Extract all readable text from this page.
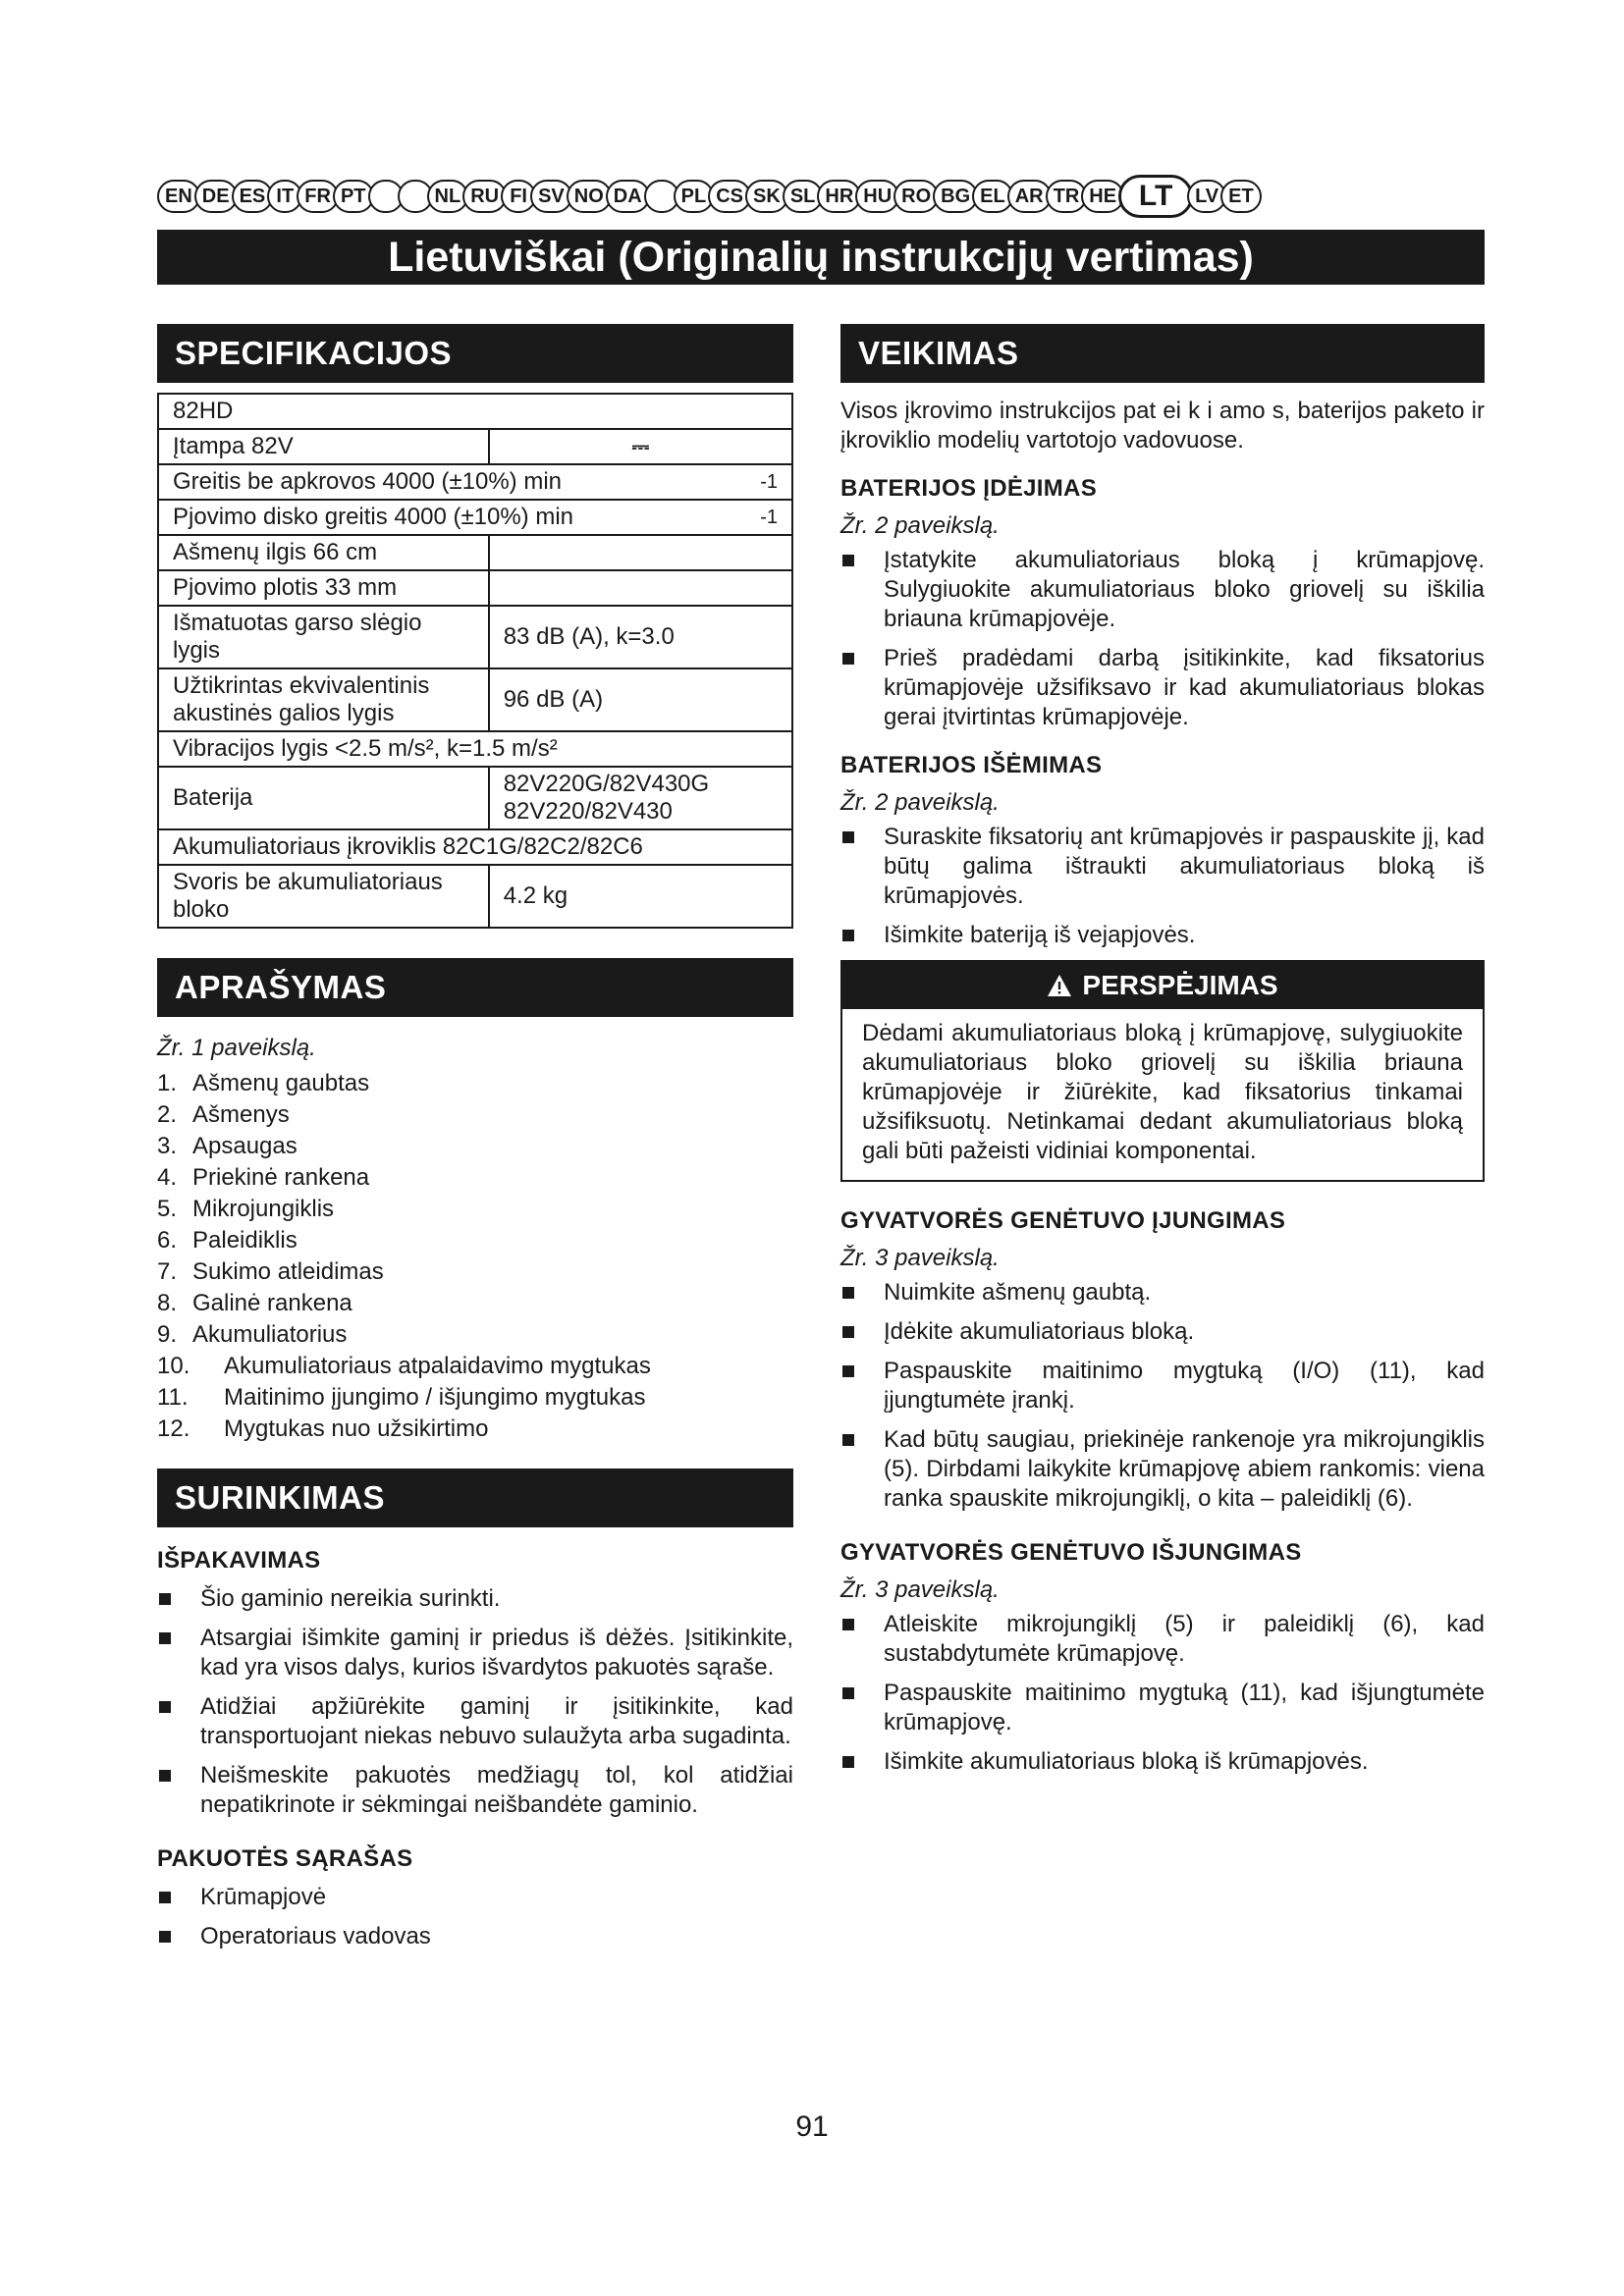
EN DE ES IT FR PT	NL RU FI SV NO DA	PL CS SK SL HR HU RO BG EL AR TR HE LT	LV ET
Lietuviškai (Originalių instrukcijų vertimas)
SPECIFIKACIJOS
82HD	
Įtampa 82V	⎓

Greitis be apkrovos 4000 (±10%) min -1	

Pjovimo disko greitis 4000 (±10%) min -1	

Ašmenų ilgis 66 cm	
Pjovimo plotis 33 mm	
Išmatuotas garso slėgio lygis	83 dB (A), k=3.0
Užtikrintas ekvivalentinis akustinės galios lygis	96 dB (A)
Vibracijos lygis <2.5 m/s², k=1.5 m/s²	
Baterija	82V220G/82V430G 82V220/82V430
Akumuliatoriaus įkroviklis 82C1G/82C2/82C6	
Svoris be akumuliatoriaus bloko	4.2 kg
APRAŠYMAS
Žr. 1 paveikslą.
1. Ašmenų gaubtas
2. Ašmenys
3. Apsaugas
4. Priekinė rankena
5. Mikrojungiklis
6. Paleidiklis
7. Sukimo atleidimas
8. Galinė rankena
9. Akumuliatorius
10. Akumuliatoriaus atpalaidavimo mygtukas
11. Maitinimo įjungimo / išjungimo mygtukas
12. Mygtukas nuo užsikirtimo
SURINKIMAS
IŠPAKAVIMAS
Šio gaminio nereikia surinkti.
Atsargiai išimkite gaminį ir priedus iš dėžės. Įsitikinkite, kad yra visos dalys, kurios išvardytos pakuotės sąraše.
Atidžiai apžiūrėkite gaminį ir įsitikinkite, kad transportuojant niekas nebuvo sulaužyta arba sugadinta.
Neišmeskite pakuotės medžiagų tol, kol atidžiai nepatikrinote ir sėkmingai neišbandėte gaminio.
PAKUOTĖS SĄRAŠAS
Krūmapjovė
Operatoriaus vadovas
VEIKIMAS
Visos įkrovimo instrukcijos pat ei k i amo s, baterijos paketo ir įkroviklio modelių vartotojo vadovuose.
BATERIJOS ĮDĖJIMAS
Žr. 2 paveikslą.
Įstatykite akumuliatoriaus bloką į krūmapjovę. Sulygiuokite akumuliatoriaus bloko griovelį su iškilia briauna krūmapjovėje.
Prieš pradėdami darbą įsitikinkite, kad fiksatorius krūmapjovėje užsifiksavo ir kad akumuliatoriaus blokas gerai įtvirtintas krūmapjovėje.
BATERIJOS IŠĖMIMAS
Žr. 2 paveikslą.
Suraskite fiksatorių ant krūmapjovės ir paspauskite jį, kad būtų galima ištraukti akumuliatoriaus bloką iš krūmapjovės.
Išimkite bateriją iš vejapjovės.
PERSPĖJIMAS
Dėdami akumuliatoriaus bloką į krūmapjovę, sulygiuokite akumuliatoriaus bloko griovelį su iškilia briauna krūmapjovėje ir žiūrėkite, kad fiksatorius tinkamai užsifiksuotų. Netinkamai dedant akumuliatoriaus bloką gali būti pažeisti vidiniai komponentai.
GYVATVORĖS GENĖTUVO ĮJUNGIMAS
Žr. 3 paveikslą.
Nuimkite ašmenų gaubtą.
Įdėkite akumuliatoriaus bloką.
Paspauskite maitinimo mygtuką (I/O) (11), kad įjungtumėte įrankį.
Kad būtų saugiau, priekinėje rankenoje yra mikrojungiklis (5). Dirbdami laikykite krūmapjovę abiem rankomis: viena ranka spauskite mikrojungiklį, o kita – paleidiklį (6).
GYVATVORĖS GENĖTUVO IŠJUNGIMAS
Žr. 3 paveikslą.
Atleiskite mikrojungiklį (5) ir paleidiklį (6), kad sustabdytumėte krūmapjovę.
Paspauskite maitinimo mygtuką (11), kad išjungtumėte krūmapjovę.
Išimkite akumuliatoriaus bloką iš krūmapjovės.
91
